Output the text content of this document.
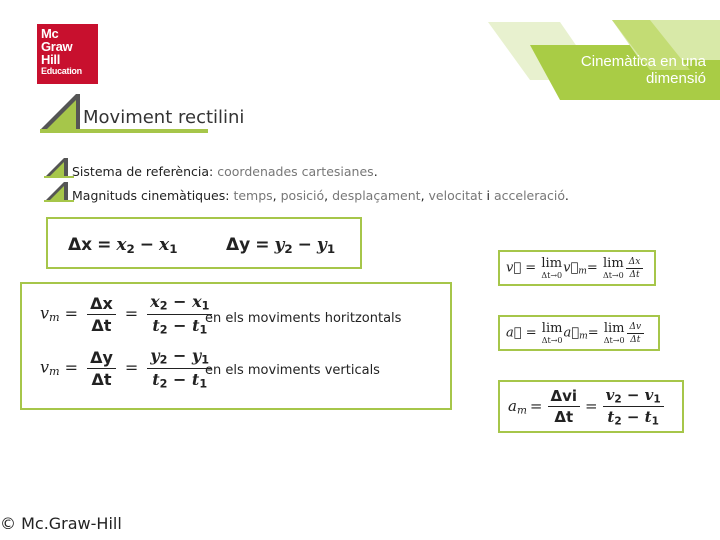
Mc
Graw
Hill
Education
Cinemàtica en una
dimensió
Moviment rectilini
Sistema de referència: coordenades cartesianes.
Magnituds cinemàtiques: temps, posició, desplaçament, velocitat i acceleració.
$\Delta x = x_2 - x_1$	$\Delta y = y_2 - y_1$
$v_m = \frac{\Delta x}{\Delta t} = \frac{x_2 - x_1}{t_2 - t_1}$
en els moviments horitzontals
$v_m = \frac{\Delta y}{\Delta t} = \frac{y_2 - y_1}{t_2 - t_1}$
en els moviments verticals
v⃗ = lim
Δt→0 $v⃗_m= \lim$
$\Delta t\to 0 \frac{\Delta x}{\Delta t}$
a⃗ = lim
Δt→0 $a⃗_m= \lim$
$\Delta t\to 0 \frac{\Delta v}{\Delta t}$
$a_m = \frac{\text{Δvi}}{\Delta t} = \frac{v_2 - v_1}{t_2 - t_1}$
© Mc.Graw-Hill
